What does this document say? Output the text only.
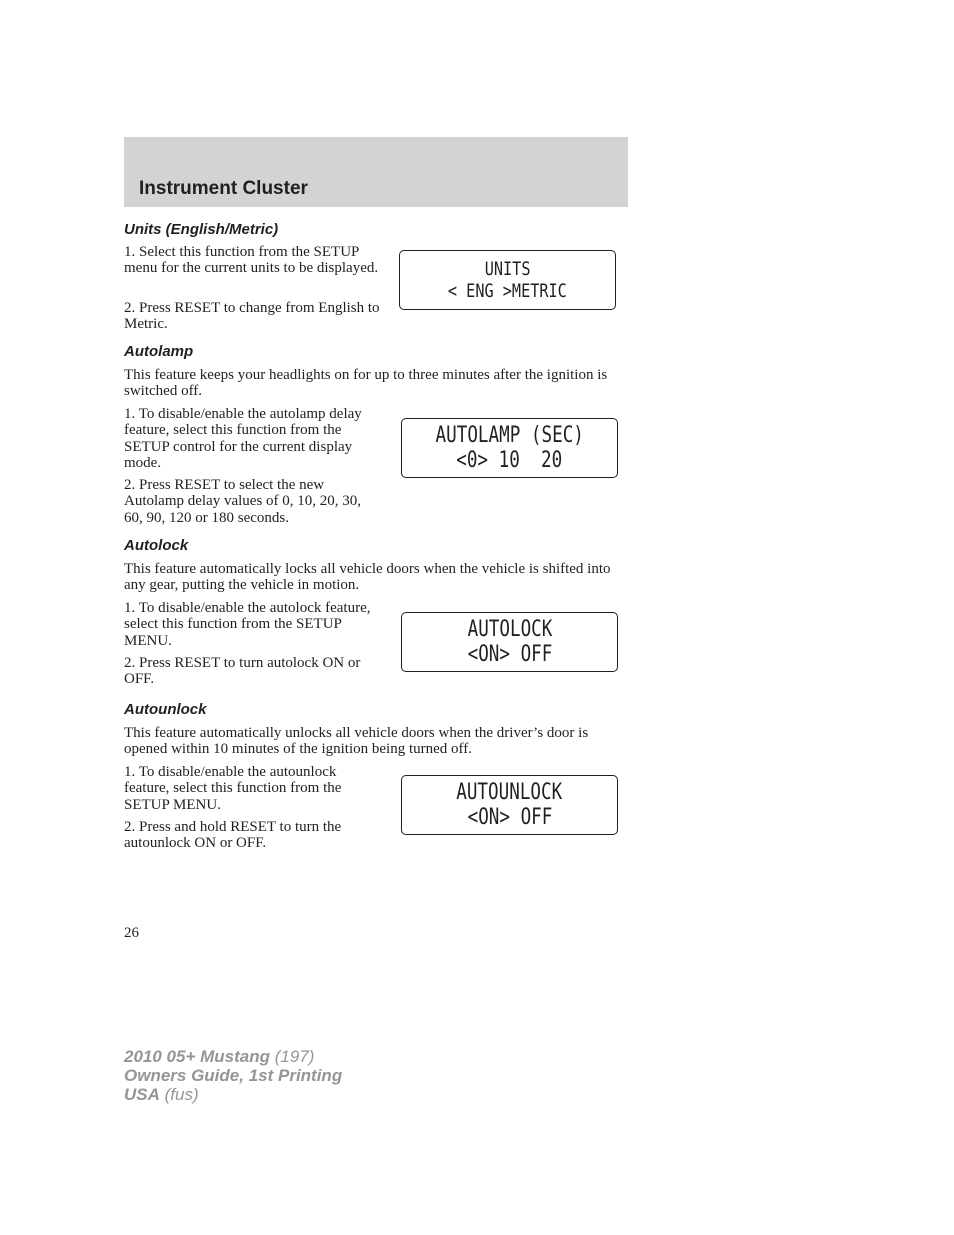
Instrument Cluster
Units (English/Metric)
1. Select this function from the SETUP menu for the current units to be displayed.
2. Press RESET to change from English to Metric.
UNITS
< ENG >METRIC
Autolamp
This feature keeps your headlights on for up to three minutes after the ignition is switched off.
1. To disable/enable the autolamp delay feature, select this function from the SETUP control for the current display mode.
2. Press RESET to select the new Autolamp delay values of 0, 10, 20, 30, 60, 90, 120 or 180 seconds.
AUTOLAMP (SEC)
<0> 10  20
Autolock
This feature automatically locks all vehicle doors when the vehicle is shifted into any gear, putting the vehicle in motion.
1. To disable/enable the autolock feature, select this function from the SETUP MENU.
2. Press RESET to turn autolock ON or OFF.
AUTOLOCK
<ON> OFF
Autounlock
This feature automatically unlocks all vehicle doors when the driver’s door is opened within 10 minutes of the ignition being turned off.
1. To disable/enable the autounlock feature, select this function from the SETUP MENU.
2. Press and hold RESET to turn the autounlock ON or OFF.
AUTOUNLOCK
<ON> OFF
26
2010 05+ Mustang (197)
Owners Guide, 1st Printing
USA (fus)
